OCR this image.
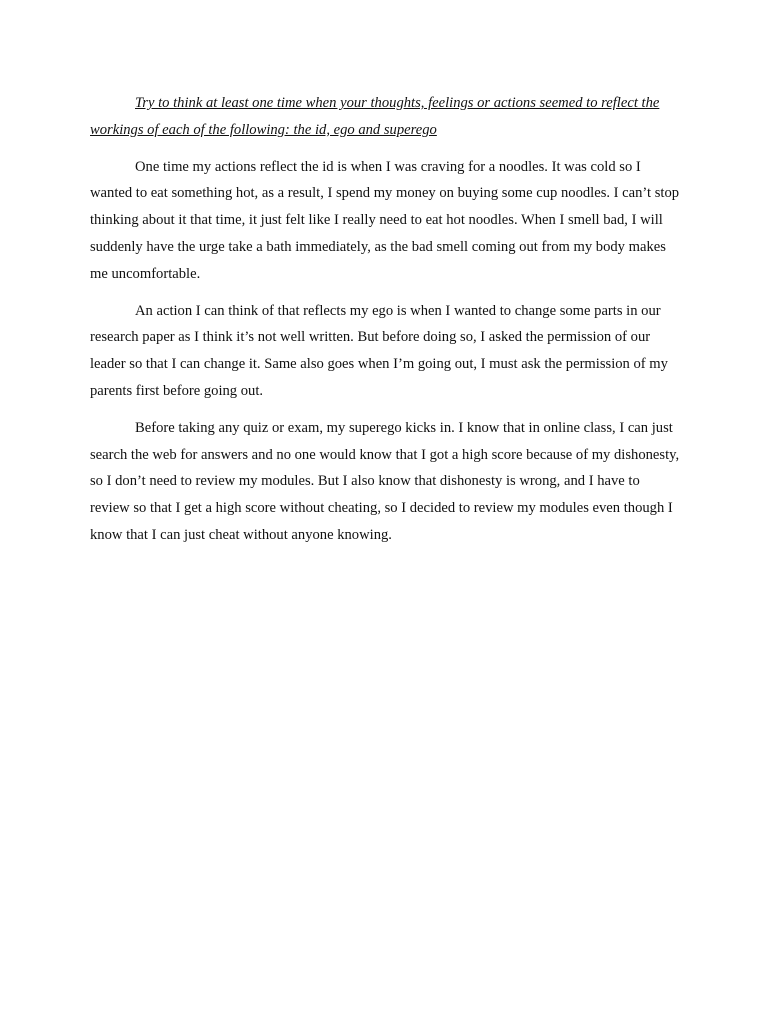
Try to think at least one time when your thoughts, feelings or actions seemed to reflect the workings of each of the following: the id, ego and superego

One time my actions reflect the id is when I was craving for a noodles. It was cold so I wanted to eat something hot, as a result, I spend my money on buying some cup noodles. I can’t stop thinking about it that time, it just felt like I really need to eat hot noodles. When I smell bad, I will suddenly have the urge take a bath immediately, as the bad smell coming out from my body makes me uncomfortable.

An action I can think of that reflects my ego is when I wanted to change some parts in our research paper as I think it’s not well written. But before doing so, I asked the permission of our leader so that I can change it. Same also goes when I’m going out, I must ask the permission of my parents first before going out.

Before taking any quiz or exam, my superego kicks in. I know that in online class, I can just search the web for answers and no one would know that I got a high score because of my dishonesty, so I don’t need to review my modules. But I also know that dishonesty is wrong, and I have to review so that I get a high score without cheating, so I decided to review my modules even though I know that I can just cheat without anyone knowing.
